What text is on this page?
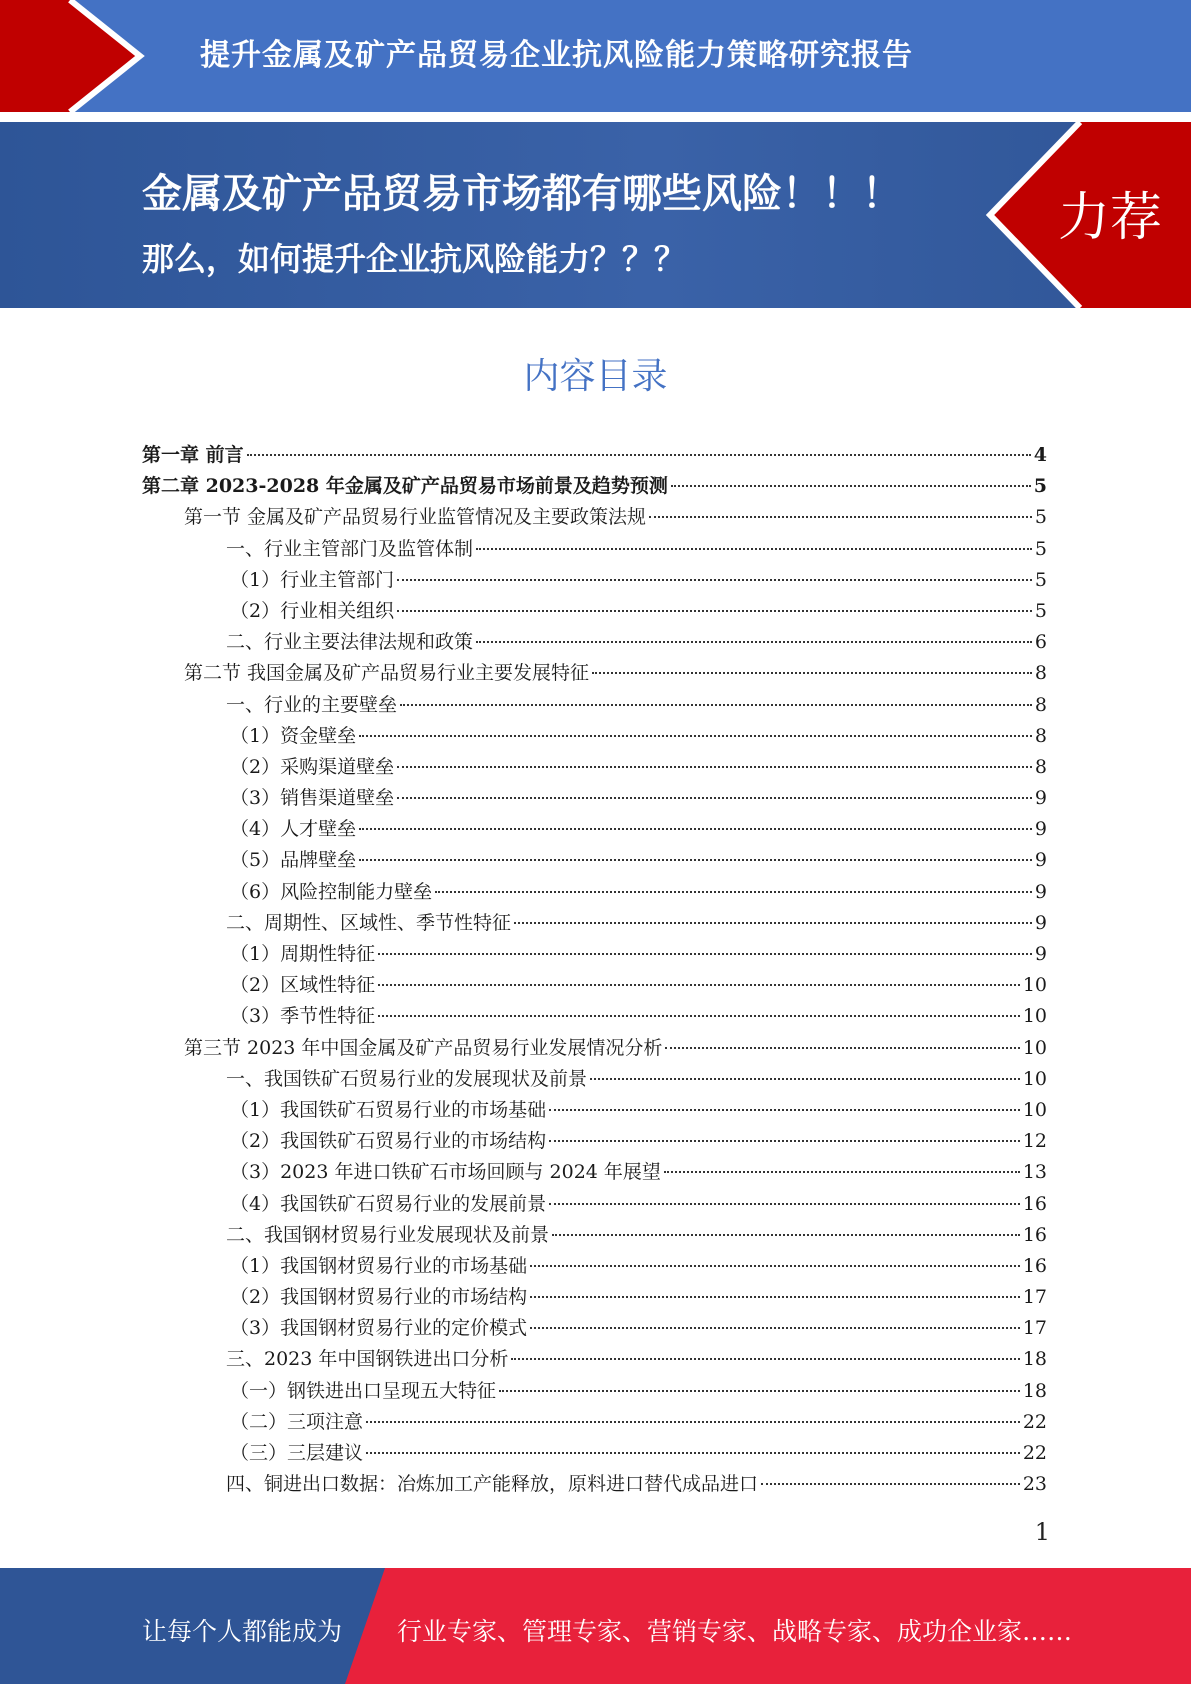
提升金属及矿产品贸易企业抗风险能力策略研究报告
金属及矿产品贸易市场都有哪些风险！！！
那么，如何提升企业抗风险能力？？？
力荐
内容目录
第一章 前言	4
第二章 2023-2028 年金属及矿产品贸易市场前景及趋势预测	5
第一节 金属及矿产品贸易行业监管情况及主要政策法规	5
一、行业主管部门及监管体制	5
（1）行业主管部门	5
（2）行业相关组织	5
二、行业主要法律法规和政策	6
第二节 我国金属及矿产品贸易行业主要发展特征	8
一、行业的主要壁垒	8
（1）资金壁垒	8
（2）采购渠道壁垒	8
（3）销售渠道壁垒	9
（4）人才壁垒	9
（5）品牌壁垒	9
（6）风险控制能力壁垒	9
二、周期性、区域性、季节性特征	9
（1）周期性特征	9
（2）区域性特征	10
（3）季节性特征	10
第三节 2023 年中国金属及矿产品贸易行业发展情况分析	10
一、我国铁矿石贸易行业的发展现状及前景	10
（1）我国铁矿石贸易行业的市场基础	10
（2）我国铁矿石贸易行业的市场结构	12
（3）2023 年进口铁矿石市场回顾与 2024 年展望	13
（4）我国铁矿石贸易行业的发展前景	16
二、我国钢材贸易行业发展现状及前景	16
（1）我国钢材贸易行业的市场基础	16
（2）我国钢材贸易行业的市场结构	17
（3）我国钢材贸易行业的定价模式	17
三、2023 年中国钢铁进出口分析	18
（一）钢铁进出口呈现五大特征	18
（二）三项注意	22
（三）三层建议	22
四、铜进出口数据：冶炼加工产能释放，原料进口替代成品进口	23
1
让每个人都能成为 行业专家、管理专家、营销专家、战略专家、成功企业家……
